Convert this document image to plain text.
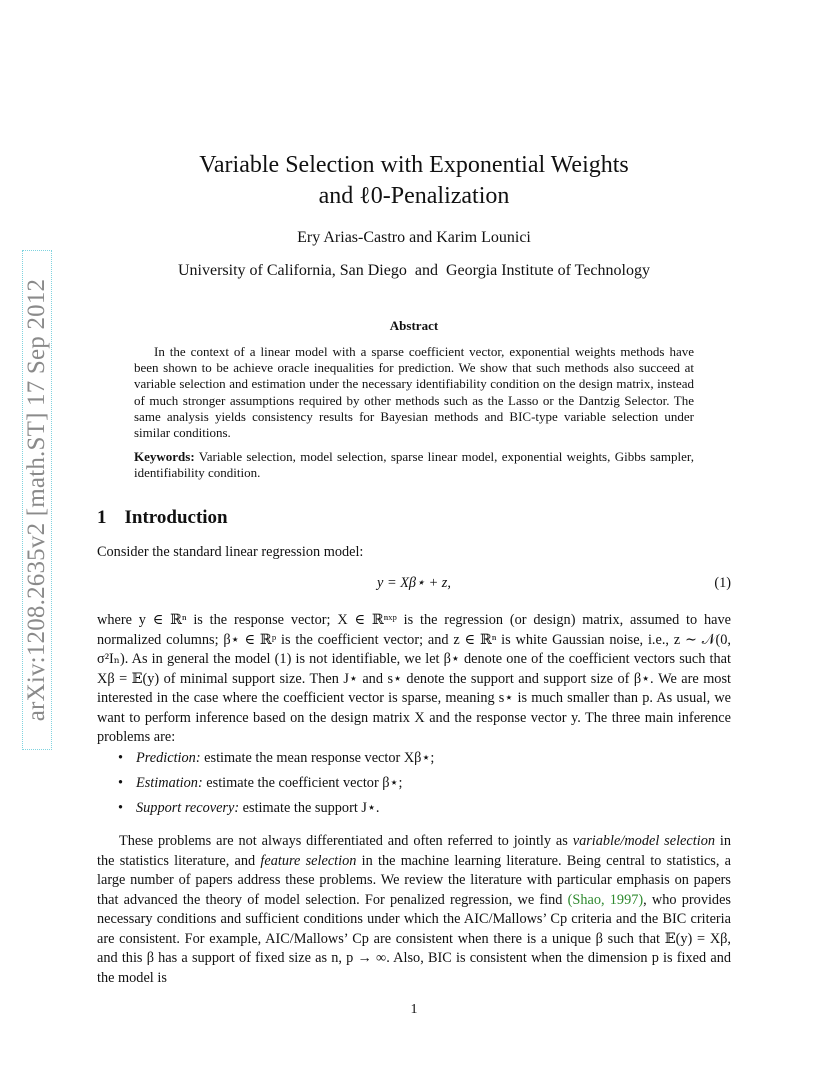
arXiv:1208.2635v2 [math.ST] 17 Sep 2012
Variable Selection with Exponential Weights
and ℓ0-Penalization
Ery Arias-Castro and Karim Lounici
University of California, San Diego and Georgia Institute of Technology
Abstract

In the context of a linear model with a sparse coefficient vector, exponential weights methods have been shown to be achieve oracle inequalities for prediction. We show that such methods also succeed at variable selection and estimation under the necessary identifiability condition on the design matrix, instead of much stronger assumptions required by other methods such as the Lasso or the Dantzig Selector. The same analysis yields consistency results for Bayesian methods and BIC-type variable selection under similar conditions.

Keywords: Variable selection, model selection, sparse linear model, exponential weights, Gibbs sampler, identifiability condition.

1 Introduction

Consider the standard linear regression model:

y = Xβ⋆ + z,	(1)

where y ∈ ℝⁿ is the response vector; X ∈ ℝⁿˣᵖ is the regression (or design) matrix, assumed to have normalized columns; β⋆ ∈ ℝᵖ is the coefficient vector; and z ∈ ℝⁿ is white Gaussian noise, i.e., z ∼ 𝒩(0, σ²Iₙ). As in general the model (1) is not identifiable, we let β⋆ denote one of the coefficient vectors such that Xβ = 𝔼(y) of minimal support size. Then J⋆ and s⋆ denote the support and support size of β⋆. We are most interested in the case where the coefficient vector is sparse, meaning s⋆ is much smaller than p. As usual, we want to perform inference based on the design matrix X and the response vector y. The three main inference problems are:

• Prediction: estimate the mean response vector Xβ⋆;
• Estimation: estimate the coefficient vector β⋆;
• Support recovery: estimate the support J⋆.

These problems are not always differentiated and often referred to jointly as variable/model selection in the statistics literature, and feature selection in the machine learning literature. Being central to statistics, a large number of papers address these problems. We review the literature with particular emphasis on papers that advanced the theory of model selection. For penalized regression, we find (Shao, 1997), who provides necessary conditions and sufficient conditions under which the AIC/Mallows’ Cp criteria and the BIC criteria are consistent. For example, AIC/Mallows’ Cp are consistent when there is a unique β such that 𝔼(y) = Xβ, and this β has a support of fixed size as n, p → ∞. Also, BIC is consistent when the dimension p is fixed and the model is

1
